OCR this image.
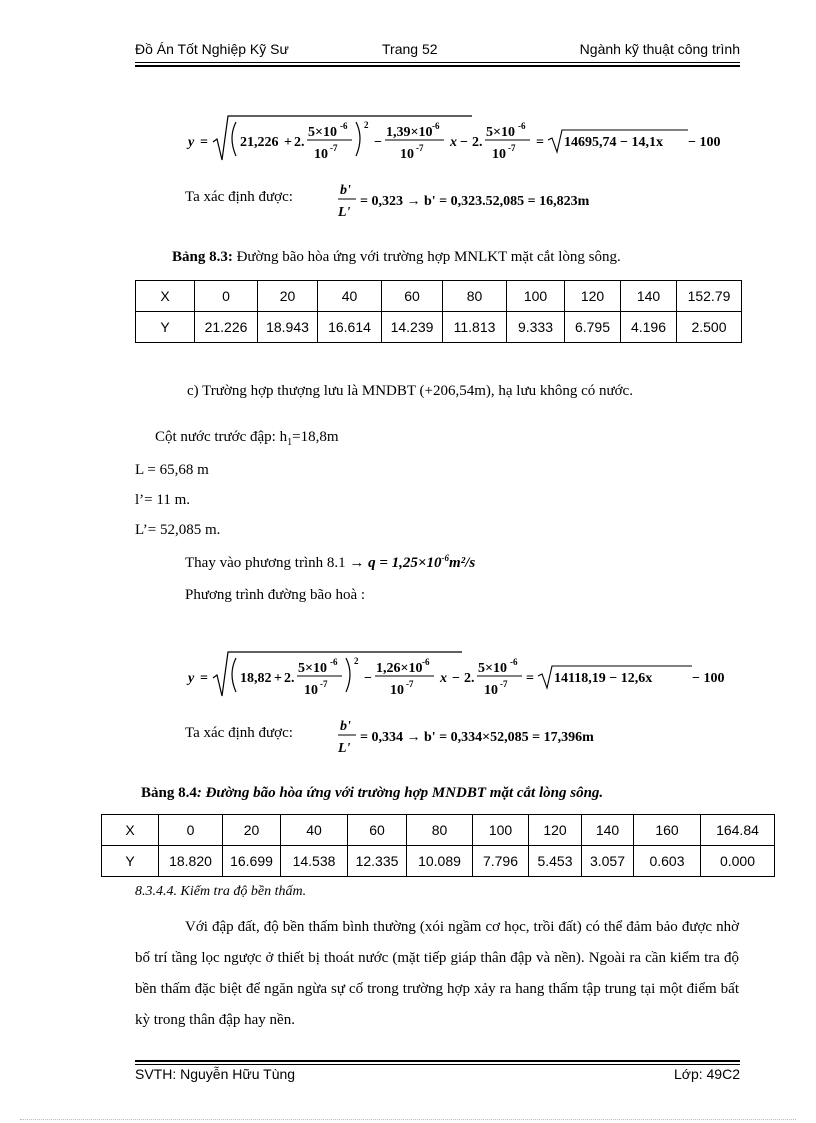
Đồ Án Tốt Nghiệp Kỹ Sư	Trang 52	Ngành kỹ thuật công trình
y = 21,226 + 2.
5×10 -6
10 -7
2
−
1,39×10 -6
10 -7 x − 2.
5×10 -6
10 -7 = 14695,74 − 14,1x − 100
Ta xác định được:	b'
L'
= 0,323 → b' = 0,323.52,085 = 16,823m
Bảng 8.3: Đường bão hòa ứng với trường hợp MNLKT mặt cắt lòng sông.
X	0	20	40	60	80	100	120	140	152.79
Y	21.226	18.943	16.614	14.239	11.813	9.333	6.795	4.196	2.500
c) Trường hợp thượng lưu là MNDBT (+206,54m), hạ lưu không có nước.
Cột nước trước đập: $h_1=18,8m$
L = 65,68 m
l’= 11 m.
L’= 52,085 m.
Thay vào phương trình $8.1 \to q = 1,25\times 10^{-6}m^2/s$
Phương trình đường bão hoà :
y = 18,82 + 2.
5×10 -6
10 -7
2
−
1,26×10 -6
10 -7 x − 2.
5×10 -6
10 -7 = 14118,19 − 12,6x	− 100
Ta xác định được:	b'
L'
= 0,334 → b' = 0,334×52,085 = 17,396m
Bảng 8.4: Đường bão hòa ứng với trường hợp MNDBT mặt cắt lòng sông.
X	0	20	40	60	80	100	120	140	160	164.84
Y	18.820	16.699	14.538	12.335	10.089	7.796	5.453	3.057	0.603	0.000
8.3.4.4. Kiểm tra độ bền thấm.
Với đập đất, độ bền thấm bình thường (xói ngầm cơ học, trồi đất) có thể đảm bảo được nhờ bố trí tầng lọc ngược ở thiết bị thoát nước (mặt tiếp giáp thân đập và nền). Ngoài ra cần kiểm tra độ bền thấm đặc biệt để ngăn ngừa sự cố trong trường hợp xảy ra hang thấm tập trung tại một điểm bất kỳ trong thân đập hay nền.
SVTH: Nguyễn Hữu Tùng	Lớp: 49C2
